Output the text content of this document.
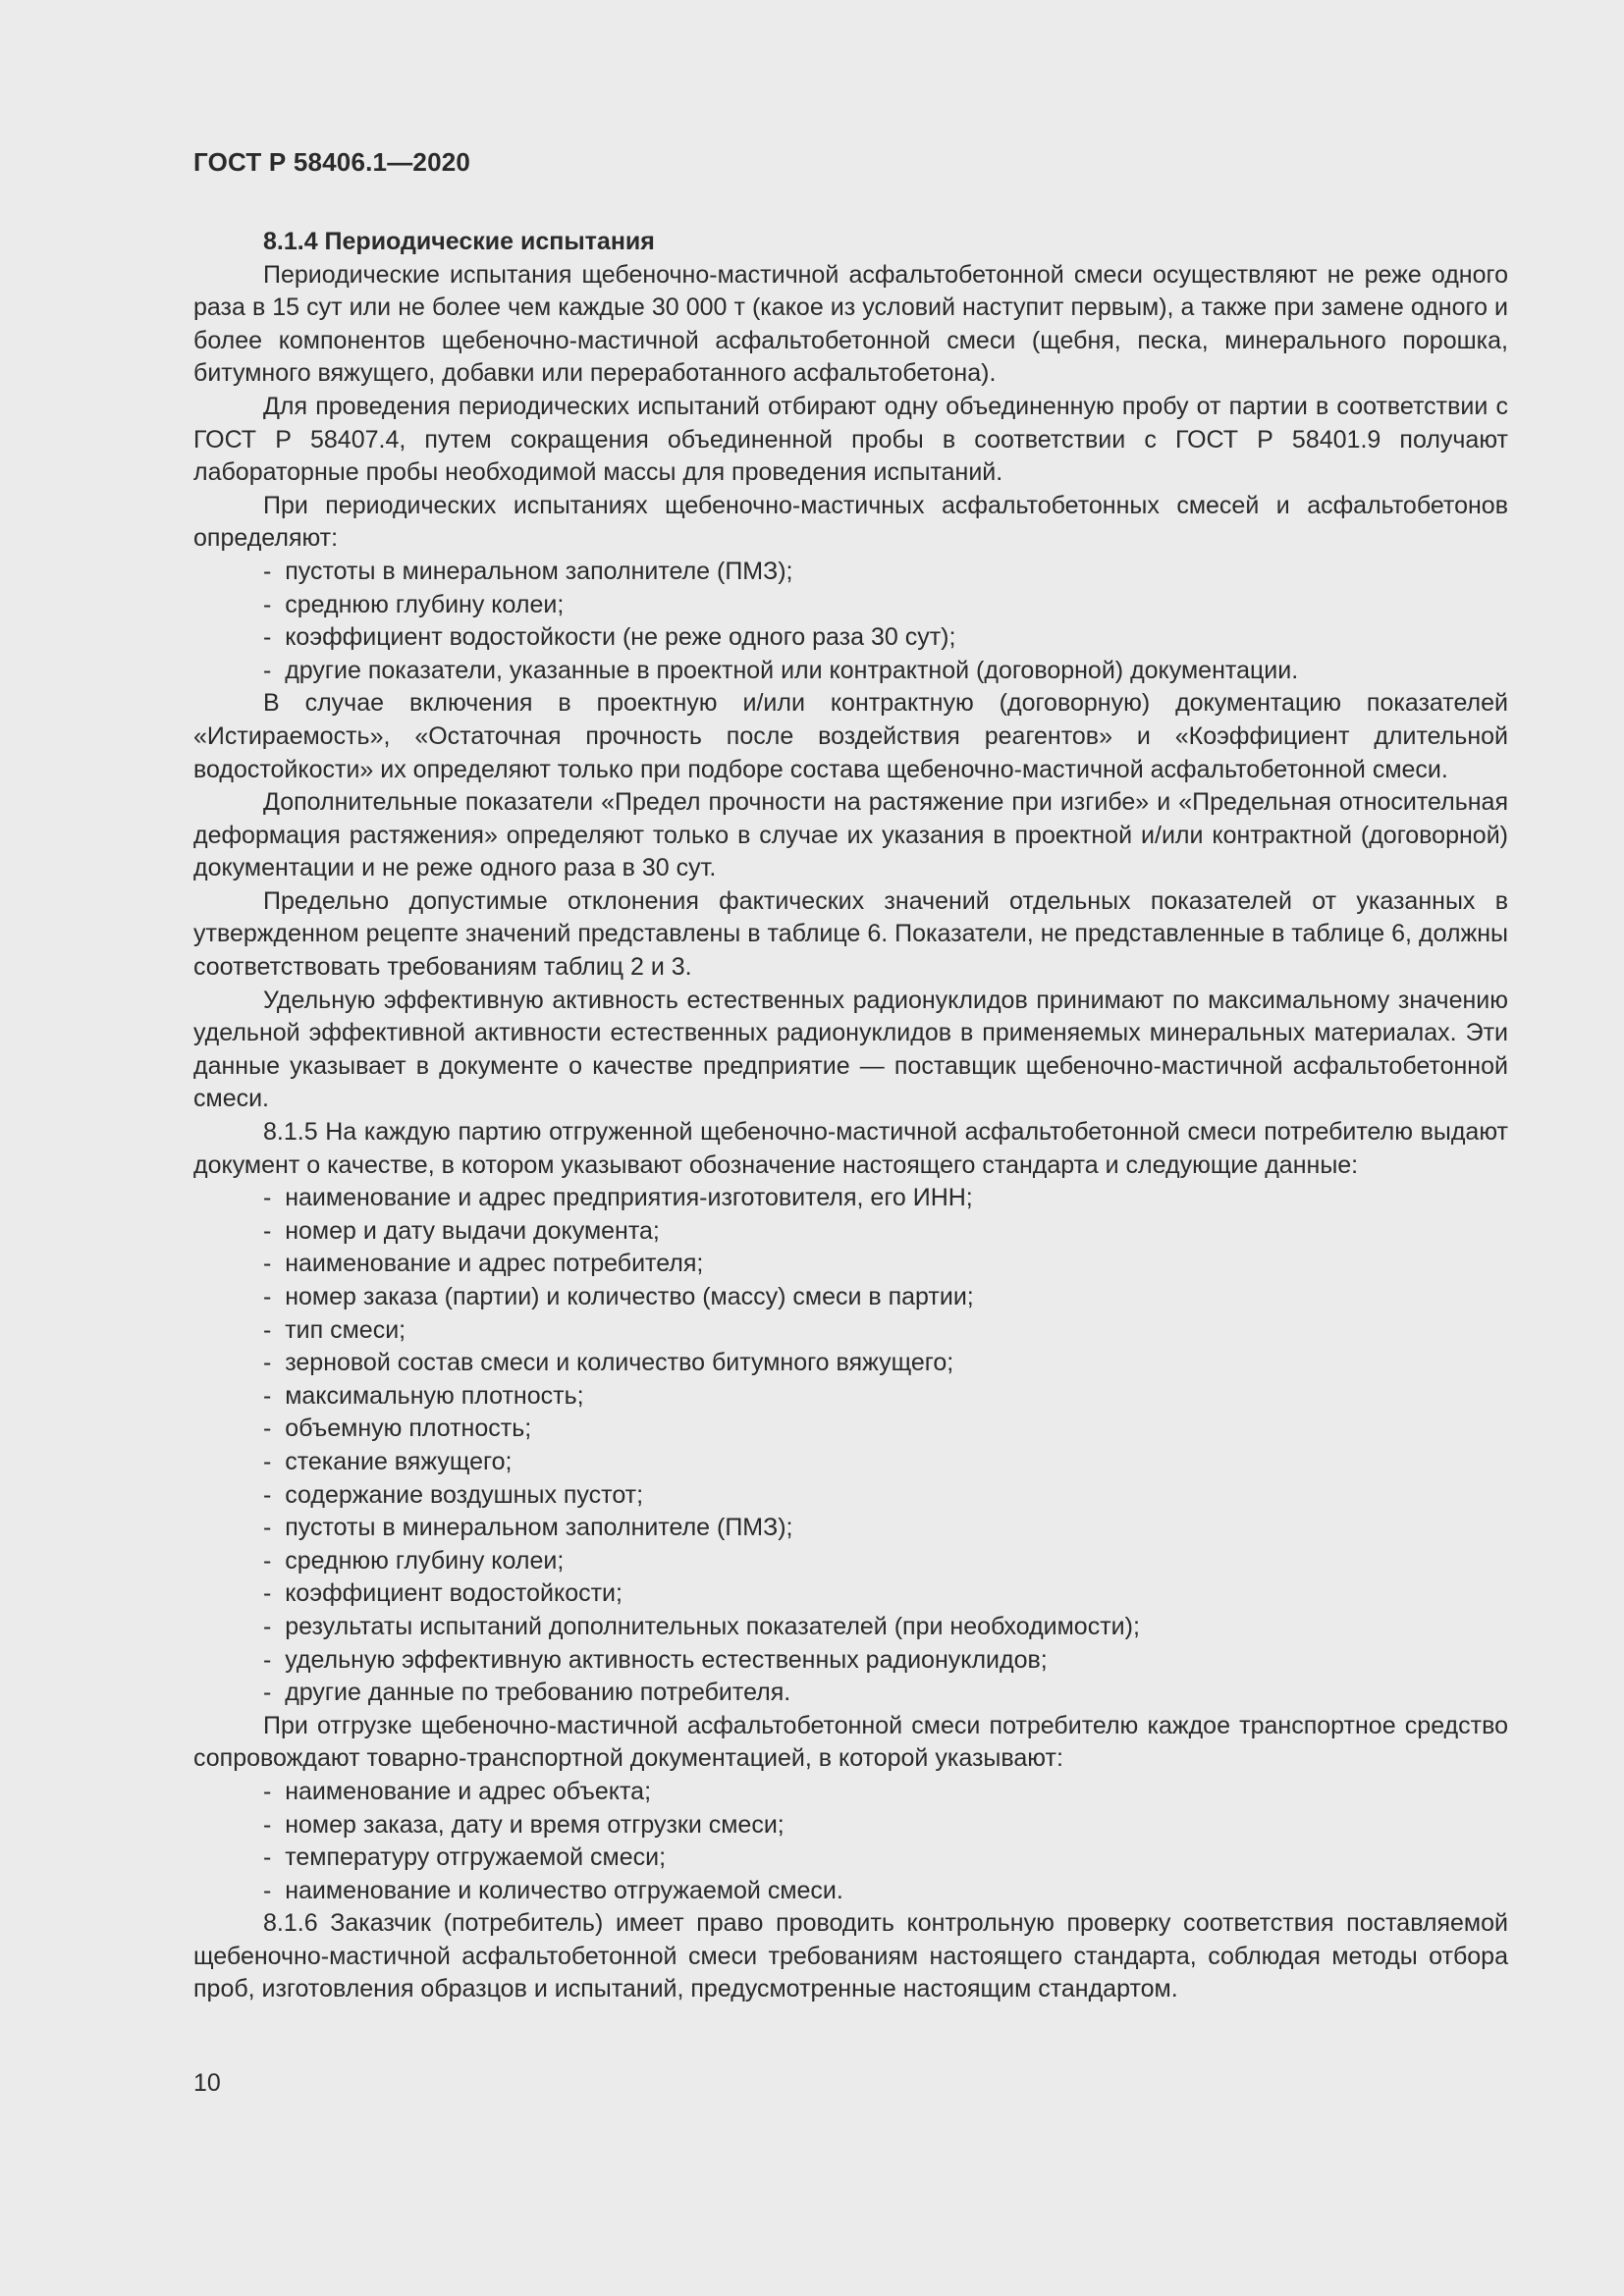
ГОСТ Р 58406.1—2020

8.1.4 Периодические испытания

Периодические испытания щебеночно-мастичной асфальтобетонной смеси осуществляют не реже одного раза в 15 сут или не более чем каждые 30 000 т (какое из условий наступит первым), а также при замене одного и более компонентов щебеночно-мастичной асфальтобетонной смеси (щебня, песка, минерального порошка, битумного вяжущего, добавки или переработанного асфальтобетона).

Для проведения периодических испытаний отбирают одну объединенную пробу от партии в соответствии с ГОСТ Р 58407.4, путем сокращения объединенной пробы в соответствии с ГОСТ Р 58401.9 получают лабораторные пробы необходимой массы для проведения испытаний.

При периодических испытаниях щебеночно-мастичных асфальтобетонных смесей и асфальтобетонов определяют:

-  пустоты в минеральном заполнителе (ПМЗ);
-  среднюю глубину колеи;
-  коэффициент водостойкости (не реже одного раза 30 сут);
-  другие показатели, указанные в проектной или контрактной (договорной) документации.

В случае включения в проектную и/или контрактную (договорную) документацию показателей «Истираемость», «Остаточная прочность после воздействия реагентов» и «Коэффициент длительной водостойкости» их определяют только при подборе состава щебеночно-мастичной асфальтобетонной смеси.

Дополнительные показатели «Предел прочности на растяжение при изгибе» и «Предельная относительная деформация растяжения» определяют только в случае их указания в проектной и/или контрактной (договорной) документации и не реже одного раза в 30 сут.

Предельно допустимые отклонения фактических значений отдельных показателей от указанных в утвержденном рецепте значений представлены в таблице 6. Показатели, не представленные в таблице 6, должны соответствовать требованиям таблиц 2 и 3.

Удельную эффективную активность естественных радионуклидов принимают по максимальному значению удельной эффективной активности естественных радионуклидов в применяемых минеральных материалах. Эти данные указывает в документе о качестве предприятие — поставщик щебеночно-мастичной асфальтобетонной смеси.

8.1.5 На каждую партию отгруженной щебеночно-мастичной асфальтобетонной смеси потребителю выдают документ о качестве, в котором указывают обозначение настоящего стандарта и следующие данные:

-  наименование и адрес предприятия-изготовителя, его ИНН;
-  номер и дату выдачи документа;
-  наименование и адрес потребителя;
-  номер заказа (партии) и количество (массу) смеси в партии;
-  тип смеси;
-  зерновой состав смеси и количество битумного вяжущего;
-  максимальную плотность;
-  объемную плотность;
-  стекание вяжущего;
-  содержание воздушных пустот;
-  пустоты в минеральном заполнителе (ПМЗ);
-  среднюю глубину колеи;
-  коэффициент водостойкости;
-  результаты испытаний дополнительных показателей (при необходимости);
-  удельную эффективную активность естественных радионуклидов;
-  другие данные по требованию потребителя.

При отгрузке щебеночно-мастичной асфальтобетонной смеси потребителю каждое транспортное средство сопровождают товарно-транспортной документацией, в которой указывают:

-  наименование и адрес объекта;
-  номер заказа, дату и время отгрузки смеси;
-  температуру отгружаемой смеси;
-  наименование и количество отгружаемой смеси.

8.1.6 Заказчик (потребитель) имеет право проводить контрольную проверку соответствия поставляемой щебеночно-мастичной асфальтобетонной смеси требованиям настоящего стандарта, соблюдая методы отбора проб, изготовления образцов и испытаний, предусмотренные настоящим стандартом.

10
